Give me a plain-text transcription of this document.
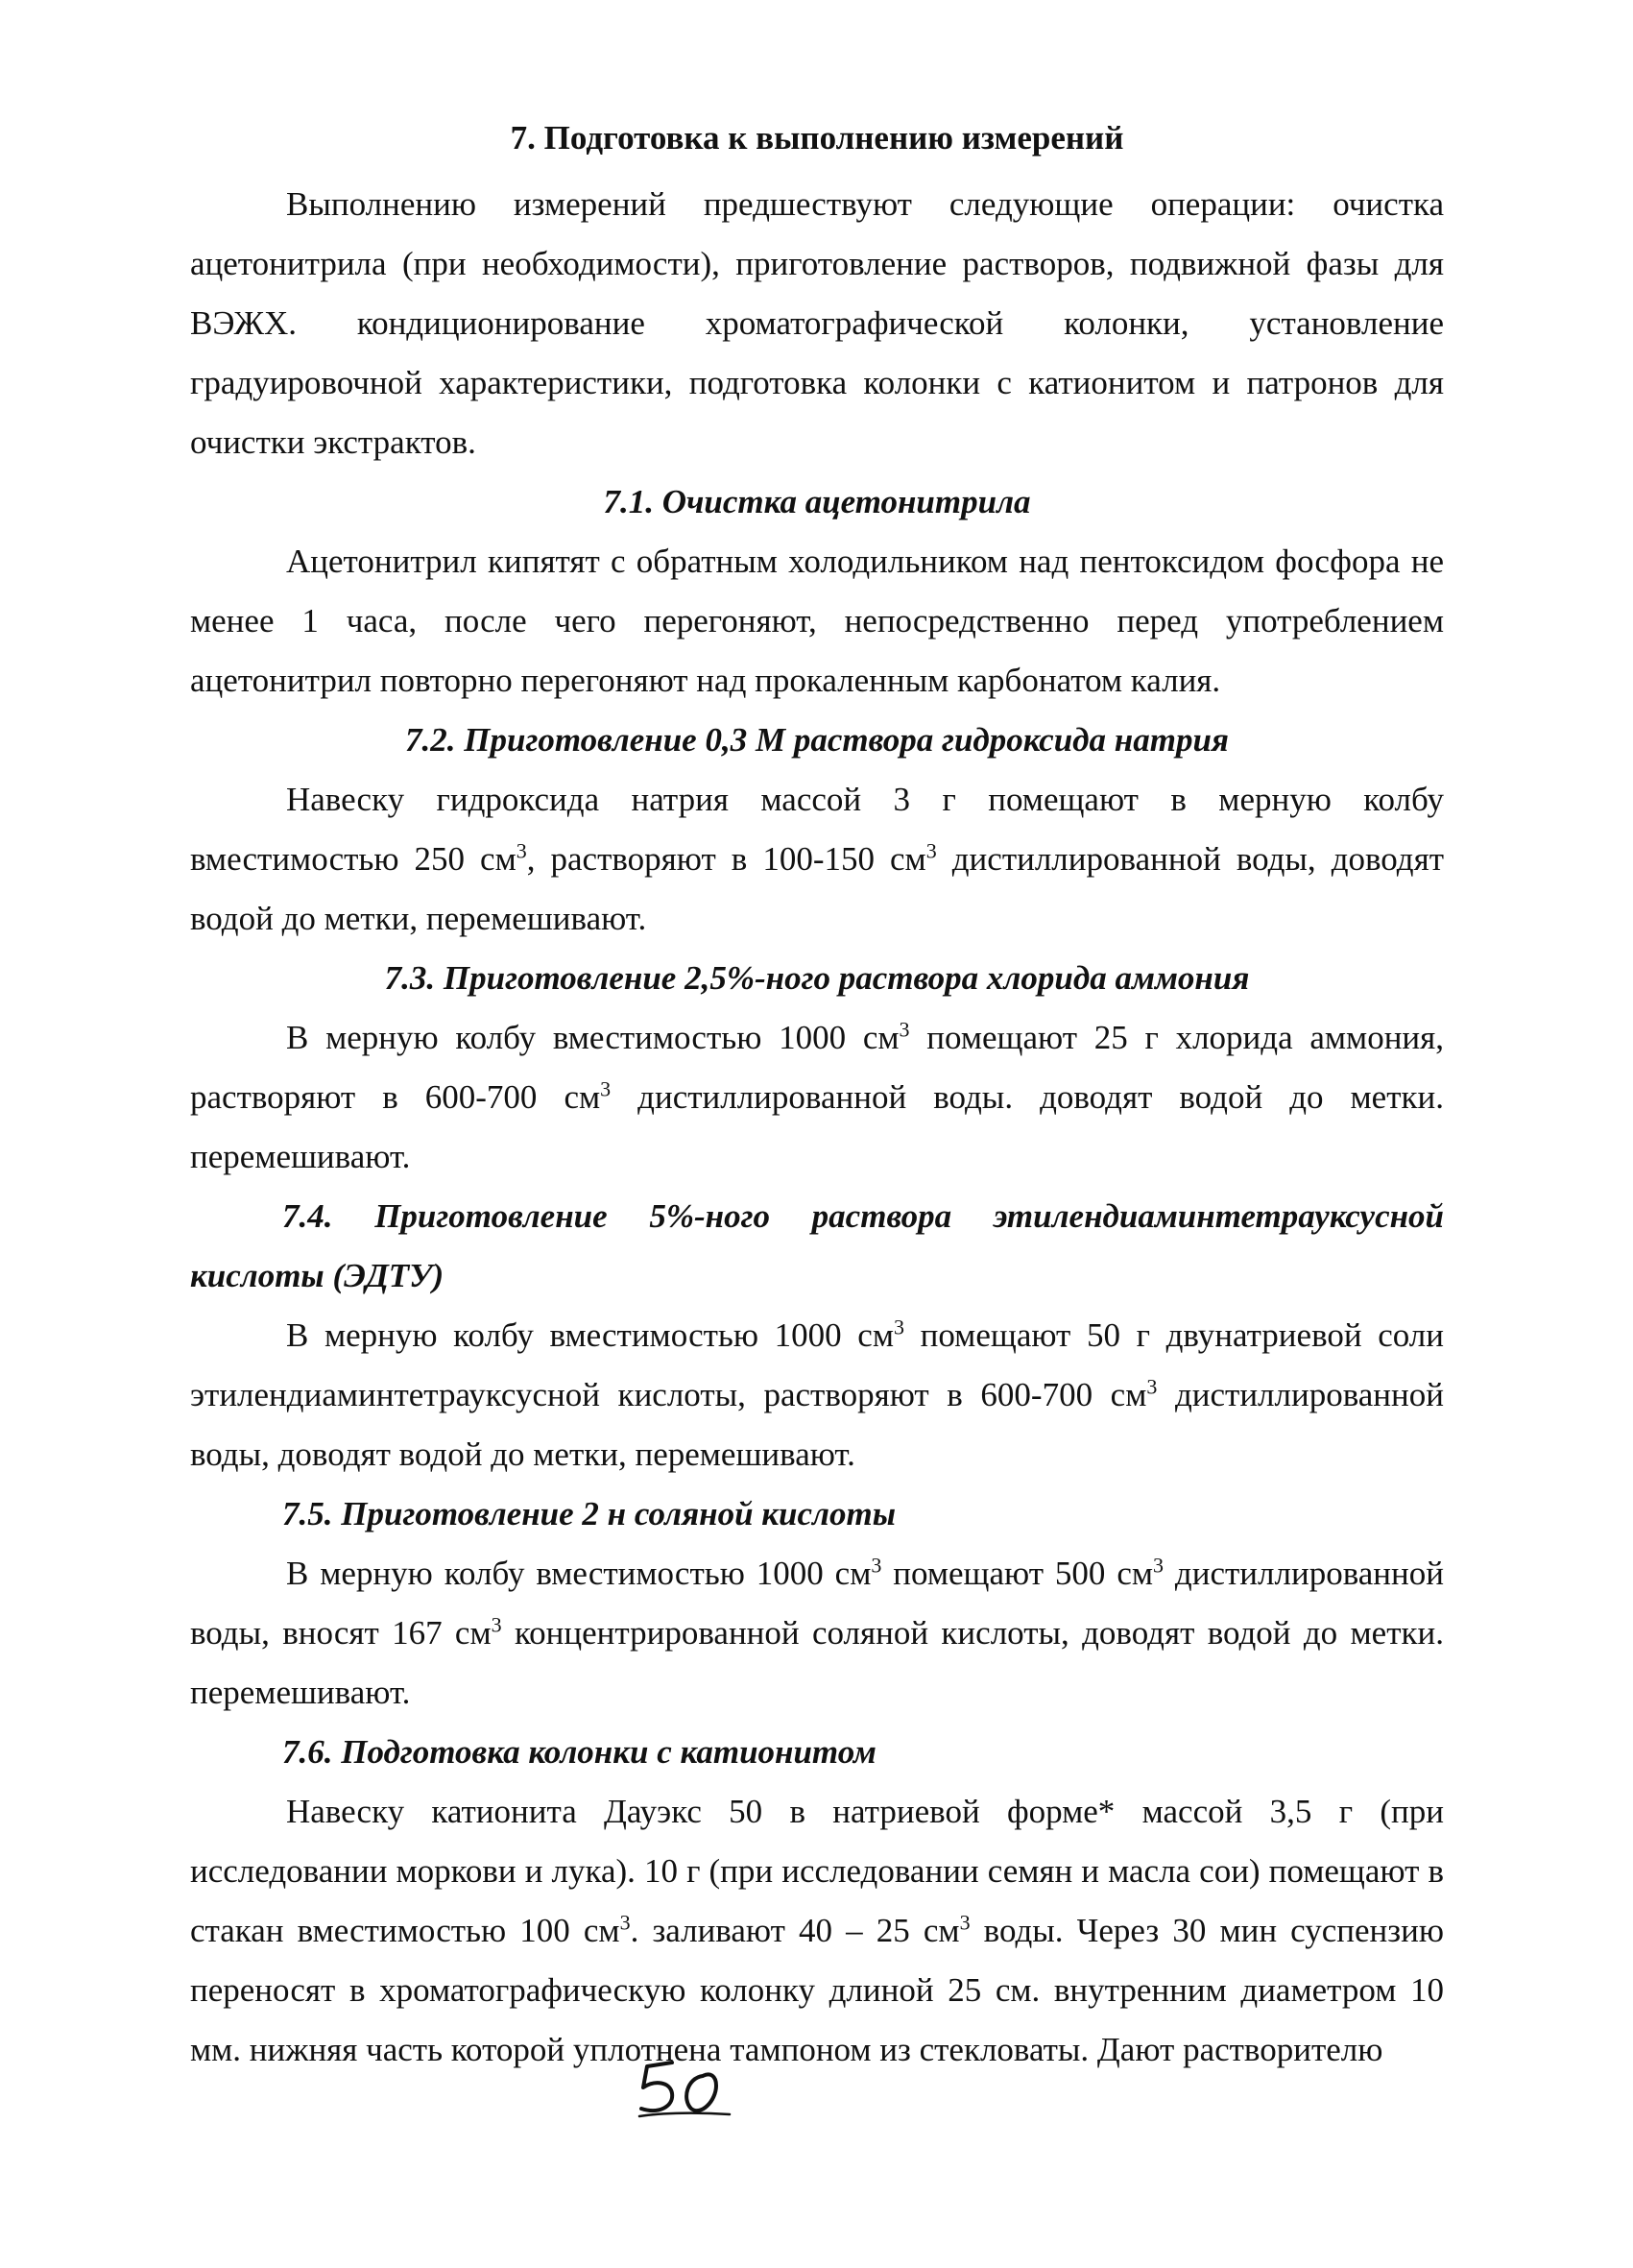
7. Подготовка к выполнению измерений

Выполнению измерений предшествуют следующие операции: очистка ацетонитрила (при необходимости), приготовление растворов, подвижной фазы для ВЭЖХ. кондиционирование хроматографической колонки, установление градуировочной характеристики, подготовка колонки с катионитом и патронов для очистки экстрактов.

7.1. Очистка ацетонитрила

Ацетонитрил кипятят с обратным холодильником над пентоксидом фосфора не менее 1 часа, после чего перегоняют, непосредственно перед употреблением ацетонитрил повторно перегоняют над прокаленным карбонатом калия.

7.2. Приготовление 0,3 М раствора гидроксида натрия

Навеску гидроксида натрия массой 3 г помещают в мерную колбу вместимостью 250 $см^3$, растворяют в 100-150 $см^3$ дистиллированной воды, доводят водой до метки, перемешивают.

7.3. Приготовление 2,5%-ного раствора хлорида аммония

В мерную колбу вместимостью 1000 $см^3$ помещают 25 г хлорида аммония, растворяют в 600-700 $см^3$ дистиллированной воды. доводят водой до метки. перемешивают.

7.4. Приготовление 5%-ного раствора этилендиаминтетрауксусной кислоты (ЭДТУ)

В мерную колбу вместимостью 1000 $см^3$ помещают 50 г двунатриевой соли этилендиаминтетрауксусной кислоты, растворяют в 600-700 $см^3$ дистиллированной воды, доводят водой до метки, перемешивают.

7.5. Приготовление 2 н соляной кислоты

В мерную колбу вместимостью 1000 $см^3$ помещают 500 $см^3$ дистиллированной воды, вносят 167 $см^3$ концентрированной соляной кислоты, доводят водой до метки. перемешивают.

7.6. Подготовка колонки с катионитом

Навеску катионита Дауэкс 50 в натриевой форме* массой 3,5 г (при исследовании моркови и лука). 10 г (при исследовании семян и масла сои) помещают в стакан вместимостью 100 $см^3$. заливают 40 – 25 $см^3$ воды. Через 30 мин суспензию переносят в хроматографическую колонку длиной 25 см. внутренним диаметром 10 мм. нижняя часть которой уплотнена тампоном из стекловаты. Дают растворителю
